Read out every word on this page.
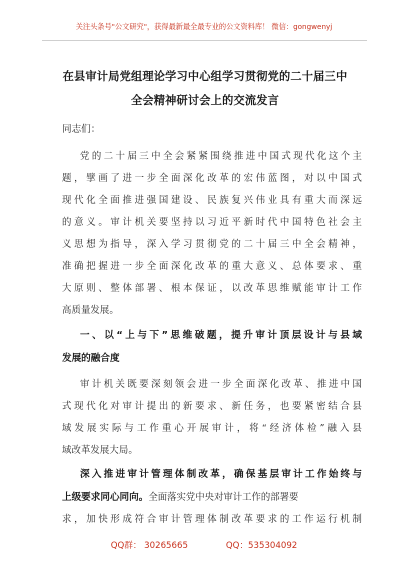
关注头条号"公文研究"，获得最新最全最专业的公文资料库！ 微信：gongwenyj
在县审计局党组理论学习中心组学习贯彻党的二十届三中
全会精神研讨会上的交流发言
同志们：
党的二十届三中全会紧紧围绕推进中国式现代化这个主
题，擘画了进一步全面深化改革的宏伟蓝图，对以中国式
现代化全面推进强国建设、民族复兴伟业具有重大而深远
的意义。审计机关要坚持以习近平新时代中国特色社会主
义思想为指导，深入学习贯彻党的二十届三中全会精神，
准确把握进一步全面深化改革的重大意义、总体要求、重
大原则、整体部署、根本保证，以改革思维赋能审计工作
高质量发展。
一、以“上与下”思维破题，提升审计顶层设计与县域
发展的融合度
审计机关既要深刻领会进一步全面深化改革、推进中国
式现代化对审计提出的新要求、新任务，也要紧密结合县
域发展实际与工作重心开展审计，将“经济体检”融入县
域改革发展大局。
深入推进审计管理体制改革，确保基层审计工作始终与
上级要求同心同向。全面落实党中央对审计工作的部署要
求，加快形成符合审计管理体制改革要求的工作运行机制
QQ群： 30265665	QQ：535304092
